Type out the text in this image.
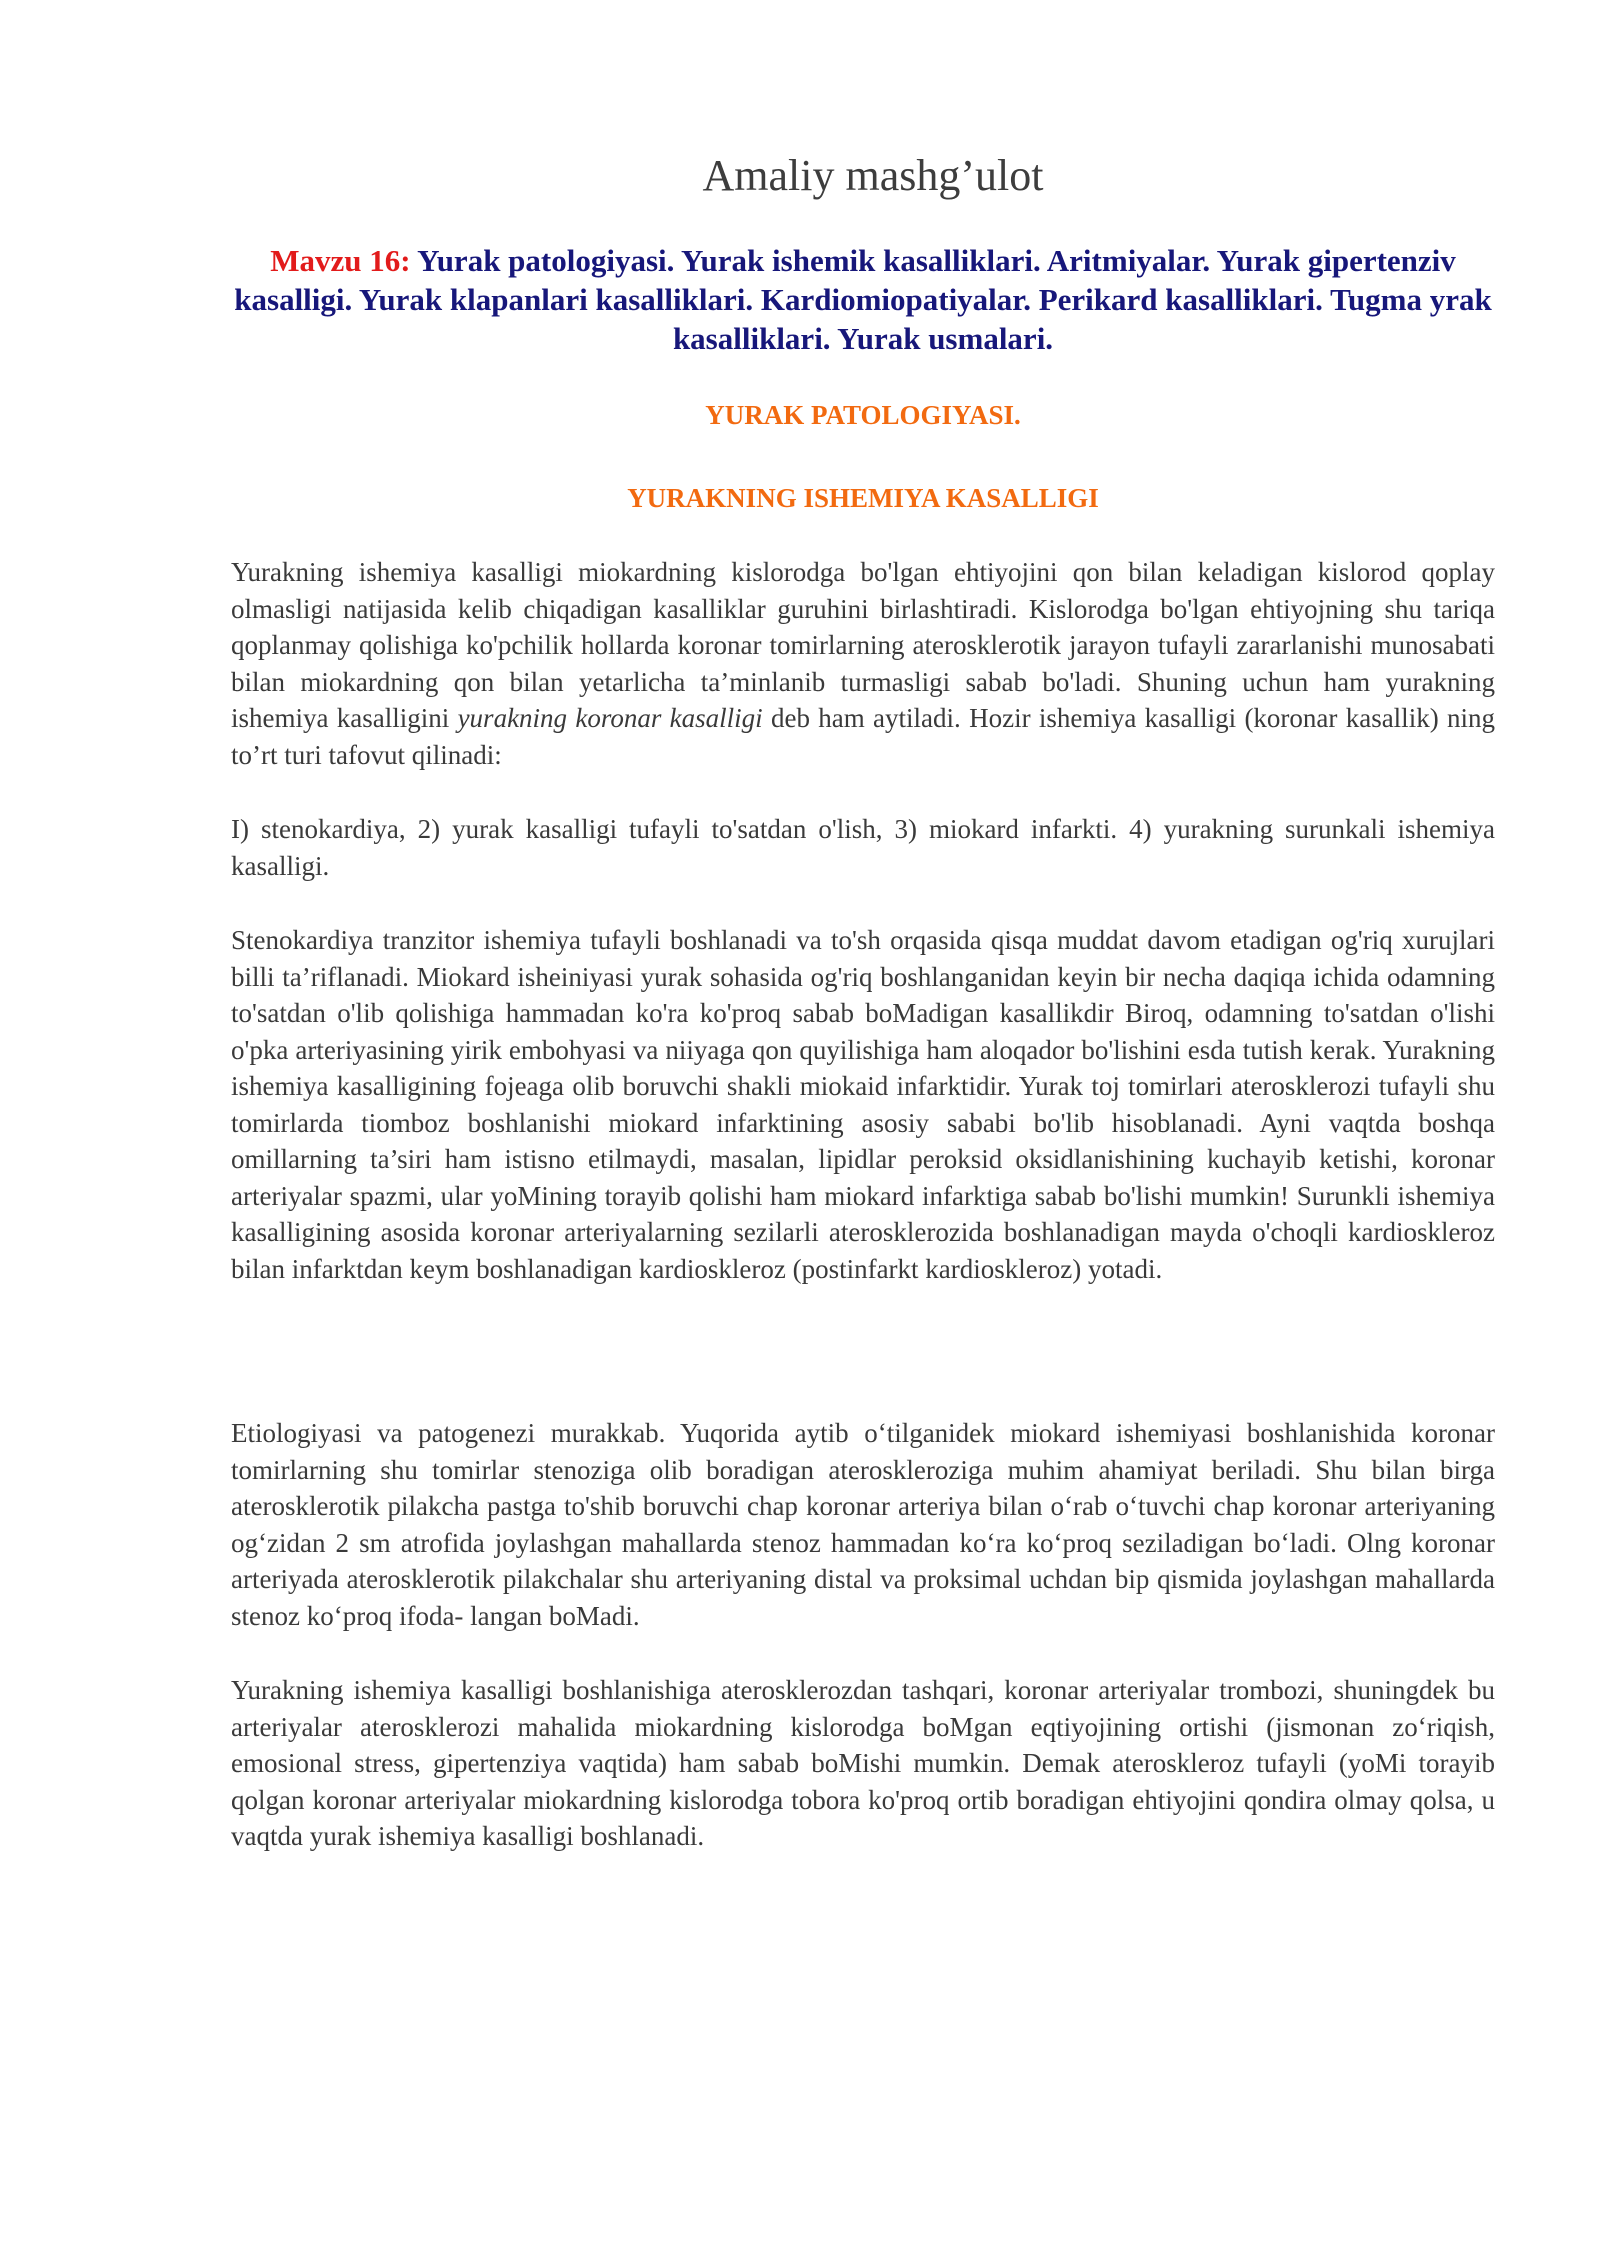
Amaliy mashg’ulot

Mavzu 16: Yurak patologiyasi. Yurak ishemik kasalliklari. Aritmiyalar. Yurak gipertenziv kasalligi. Yurak klapanlari kasalliklari. Kardiomiopatiyalar. Perikard kasalliklari. Tugma yrak kasalliklari. Yurak usmalari.

YURAK PATOLOGIYASI.
YURAKNING ISHEMIYA KASALLIGI

Yurakning ishemiya kasalligi miokardning kislorodga bo'lgan ehtiyojini qon bilan keladigan kislorod qoplay olmasligi natijasida kelib chiqadigan kasalliklar guruhini birlashtiradi. Kislorodga bo'lgan ehtiyojning shu tariqa qoplanmay qolishiga ko'pchilik hollarda koronar tomirlarning aterosklerotik jarayon tufayli zararlanishi munosabati bilan miokardning qon bilan yetarlicha ta’minlanib turmasligi sabab bo'ladi. Shuning uchun ham yurakning ishemiya kasalligini yurakning koronar kasalligi deb ham aytiladi. Hozir ishemiya kasalligi (koronar kasallik) ning to’rt turi tafovut qilinadi:

I) stenokardiya, 2) yurak kasalligi tufayli to'satdan o'lish, 3) miokard infarkti. 4) yurakning surunkali ishemiya kasalligi.

Stenokardiya tranzitor ishemiya tufayli boshlanadi va to'sh orqasida qisqa muddat davom etadigan og'riq xurujlari billi ta’riflanadi. Miokard isheiniyasi yurak sohasida og'riq boshlanganidan keyin bir necha daqiqa ichida odamning to'satdan o'lib qolishiga hammadan ko'ra ko'proq sabab boMadigan kasallikdir Biroq, odamning to'satdan o'lishi o'pka arteriyasining yirik embohyasi va niiyaga qon quyilishiga ham aloqador bo'lishini esda tutish kerak. Yurakning ishemiya kasalligining fojeaga olib boruvchi shakli miokaid infarktidir. Yurak toj tomirlari aterosklerozi tufayli shu tomirlarda tiomboz boshlanishi miokard infarktining asosiy sababi bo'lib hisoblanadi. Ayni vaqtda boshqa omillarning ta’siri ham istisno etilmaydi, masalan, lipidlar peroksid oksidlanishining kuchayib ketishi, koronar arteriyalar spazmi, ular yoMining torayib qolishi ham miokard infarktiga sabab bo'lishi mumkin! Surunkli ishemiya kasalligining asosida koronar arteriyalarning sezilarli aterosklerozida boshlanadigan mayda o'choqli kardioskleroz bilan infarktdan keym boshlanadigan kardioskleroz (postinfarkt kardioskleroz) yotadi.

Etiologiyasi va patogenezi murakkab. Yuqorida aytib o‘tilganidek miokard ishemiyasi boshlanishida koronar tomirlarning shu tomirlar stenoziga olib boradigan ateroskleroziga muhim ahamiyat beriladi. Shu bilan birga aterosklerotik pilakcha pastga to'shib boruvchi chap koronar arteriya bilan o‘rab o‘tuvchi chap koronar arteriyaning og‘zidan 2 sm atrofida joylashgan mahallarda stenoz hammadan ko‘ra ko‘proq seziladigan bo‘ladi. Olng koronar arteriyada aterosklerotik pilakchalar shu arteriyaning distal va proksimal uchdan bip qismida joylashgan mahallarda stenoz ko‘proq ifoda- langan boMadi.

Yurakning ishemiya kasalligi boshlanishiga aterosklerozdan tashqari, koronar arteriyalar trombozi, shuningdek bu arteriyalar aterosklerozi mahalida miokardning kislorodga boMgan eqtiyojining ortishi (jismonan zo‘riqish, emosional stress, gipertenziya vaqtida) ham sabab boMishi mumkin. Demak ateroskleroz tufayli (yoMi torayib qolgan koronar arteriyalar miokardning kislorodga tobora ko'proq ortib boradigan ehtiyojini qondira olmay qolsa, u vaqtda yurak ishemiya kasalligi boshlanadi.
